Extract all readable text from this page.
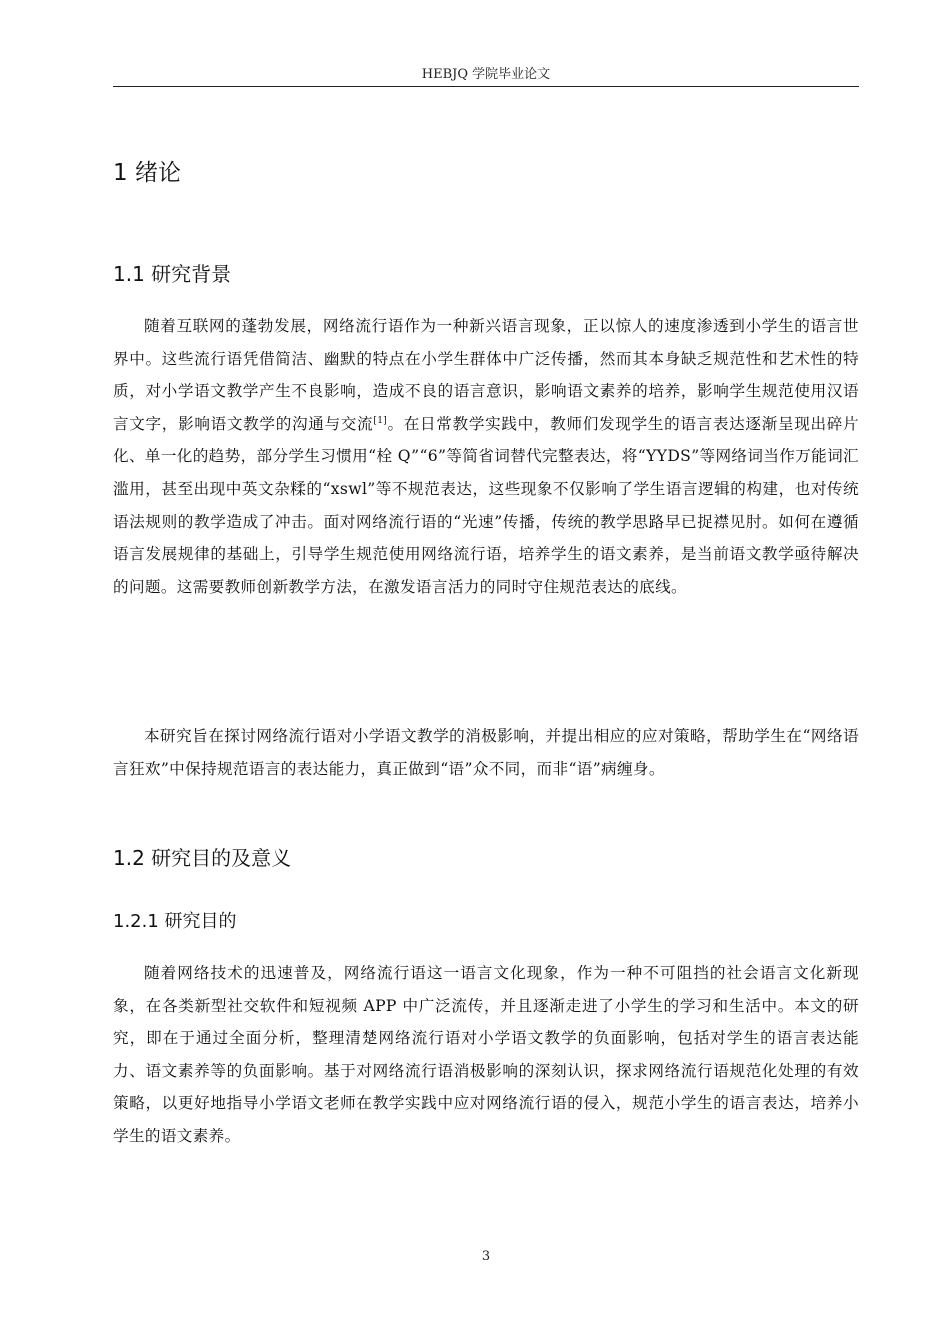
HEBJQ 学院毕业论文
1 绪论
1.1 研究背景

随着互联网的蓬勃发展，网络流行语作为一种新兴语言现象，正以惊人的速度渗透到小学生的语言世界中。这些流行语凭借简洁、幽默的特点在小学生群体中广泛传播，然而其本身缺乏规范性和艺术性的特质，对小学语文教学产生不良影响，造成不良的语言意识，影响语文素养的培养，影响学生规范使用汉语言文字，影响语文教学的沟通与交流[1]。在日常教学实践中，教师们发现学生的语言表达逐渐呈现出碎片化、单一化的趋势，部分学生习惯用“栓 Q”“6”等简省词替代完整表达，将“YYDS”等网络词当作万能词汇滥用，甚至出现中英文杂糅的“xswl”等不规范表达，这些现象不仅影响了学生语言逻辑的构建，也对传统语法规则的教学造成了冲击。面对网络流行语的“光速”传播，传统的教学思路早已捉襟见肘。如何在遵循语言发展规律的基础上，引导学生规范使用网络流行语，培养学生的语文素养，是当前语文教学亟待解决的问题。这需要教师创新教学方法，在激发语言活力的同时守住规范表达的底线。

本研究旨在探讨网络流行语对小学语文教学的消极影响，并提出相应的应对策略，帮助学生在“网络语言狂欢”中保持规范语言的表达能力，真正做到“语”众不同，而非“语”病缠身。

1.2 研究目的及意义
1.2.1 研究目的

随着网络技术的迅速普及，网络流行语这一语言文化现象，作为一种不可阻挡的社会语言文化新现象，在各类新型社交软件和短视频 APP 中广泛流传，并且逐渐走进了小学生的学习和生活中。本文的研究，即在于通过全面分析，整理清楚网络流行语对小学语文教学的负面影响，包括对学生的语言表达能力、语文素养等的负面影响。基于对网络流行语消极影响的深刻认识，探求网络流行语规范化处理的有效策略，以更好地指导小学语文老师在教学实践中应对网络流行语的侵入，规范小学生的语言表达，培养小学生的语文素养。

3
